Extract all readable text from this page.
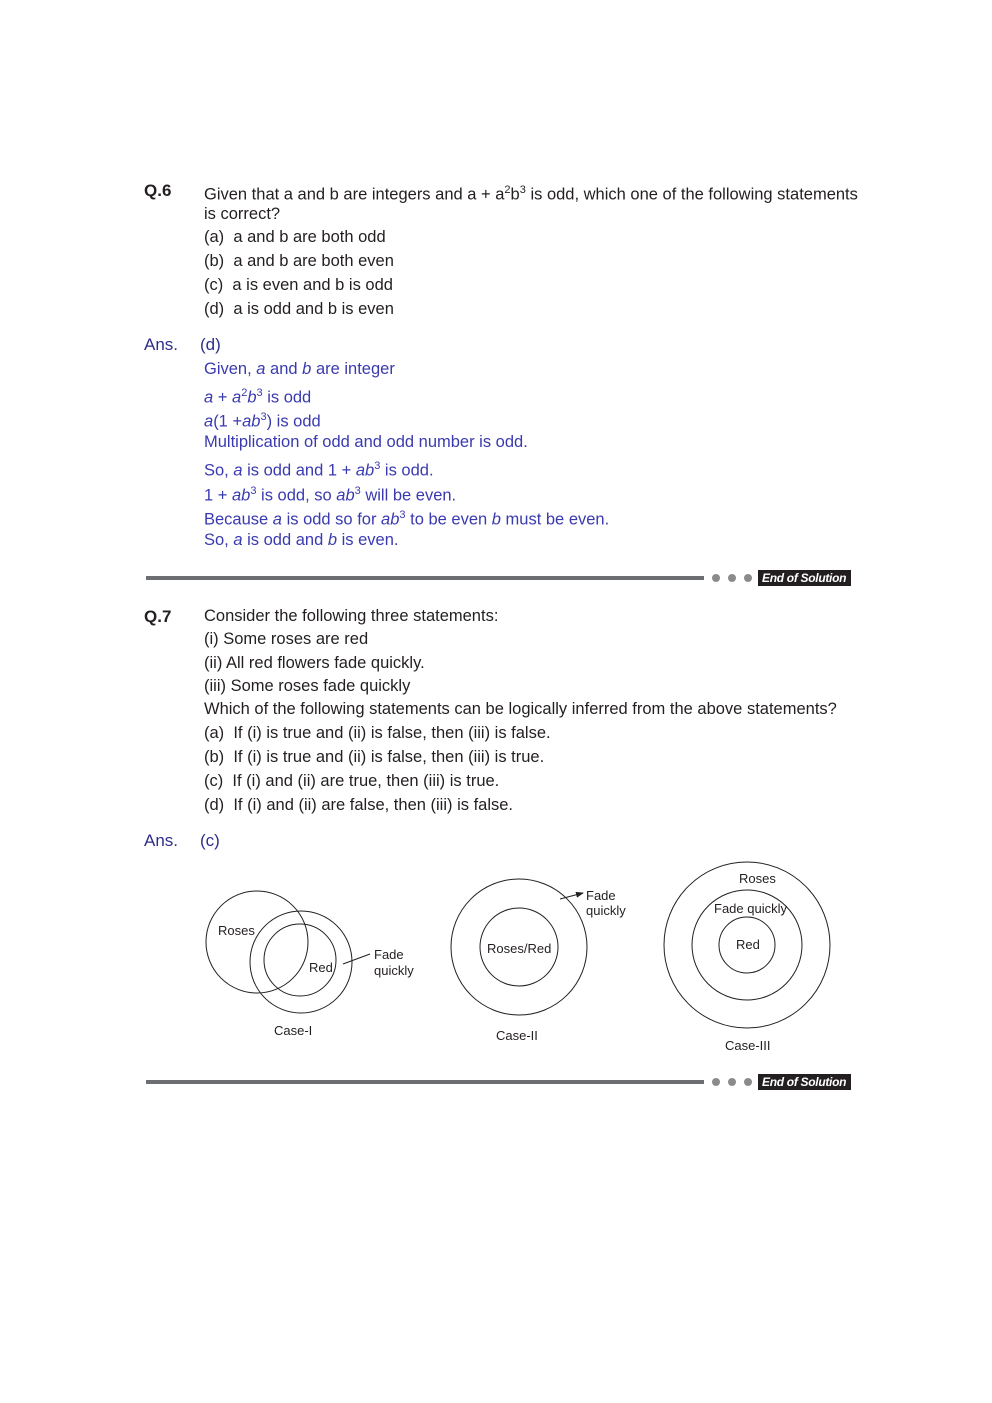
Q.6 Given that a and b are integers and $a + a^2b^3$ is odd, which one of the following statements
is correct?
(a) a and b are both odd
(b) a and b are both even
(c) a is even and b is odd
(d) a is odd and b is even
Ans. (d)
Given, a and b are integer
$a + a^2b^3$ is odd
$a(1 +ab^3)$ is odd
Multiplication of odd and odd number is odd.
So, a is odd and $1 + ab^3$ is odd.
$1 + ab^3$ is odd, so $ab^3$ will be even.
Because a is odd so for $ab^3$ to be even b must be even.
So, a is odd and b is even.
End of Solution
Q.7 Consider the following three statements:
(i) Some roses are red
(ii) All red flowers fade quickly.
(iii) Some roses fade quickly
Which of the following statements can be logically inferred from the above statements?
(a) If (i) is true and (ii) is false, then (iii) is false.
(b) If (i) is true and (ii) is false, then (iii) is true.
(c) If (i) and (ii) are true, then (iii) is true.
(d) If (i) and (ii) are false, then (iii) is false.
Ans. (c)
Roses
Red
Fade
quickly
Case-I
Roses/Red
Fade
quickly
Case-II
Roses
Fade quickly
Red
Case-III
End of Solution
